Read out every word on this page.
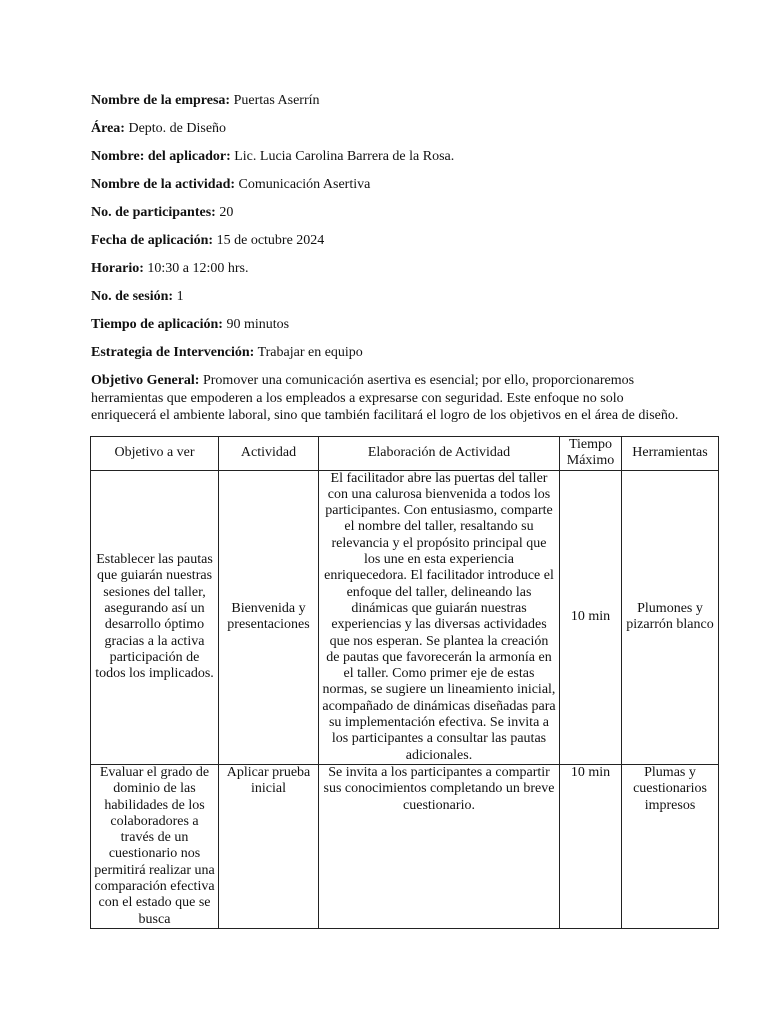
Nombre de la empresa: Puertas Aserrín
Área: Depto. de Diseño
Nombre: del aplicador: Lic. Lucia Carolina Barrera de la Rosa.
Nombre de la actividad: Comunicación Asertiva
No. de participantes: 20
Fecha de aplicación: 15 de octubre 2024
Horario: 10:30 a 12:00 hrs.
No. de sesión: 1
Tiempo de aplicación: 90 minutos
Estrategia de Intervención: Trabajar en equipo
Objetivo General: Promover una comunicación asertiva es esencial; por ello, proporcionaremos herramientas que empoderen a los empleados a expresarse con seguridad. Este enfoque no solo enriquecerá el ambiente laboral, sino que también facilitará el logro de los objetivos en el área de diseño.
Objetivo a ver	Actividad	Elaboración de Actividad	Tiempo Máximo	Herramientas
Establecer las pautas que guiarán nuestras sesiones del taller, asegurando así un desarrollo óptimo gracias a la activa participación de todos los implicados.	Bienvenida y presentaciones	El facilitador abre las puertas del taller con una calurosa bienvenida a todos los participantes. Con entusiasmo, comparte el nombre del taller, resaltando su relevancia y el propósito principal que los une en esta experiencia enriquecedora. El facilitador introduce el enfoque del taller, delineando las dinámicas que guiarán nuestras experiencias y las diversas actividades que nos esperan. Se plantea la creación de pautas que favorecerán la armonía en el taller. Como primer eje de estas normas, se sugiere un lineamiento inicial, acompañado de dinámicas diseñadas para su implementación efectiva. Se invita a los participantes a consultar las pautas adicionales.	10 min	Plumones y pizarrón blanco
Evaluar el grado de dominio de las habilidades de los colaboradores a través de un cuestionario nos permitirá realizar una comparación efectiva con el estado que se busca	Aplicar prueba inicial	Se invita a los participantes a compartir sus conocimientos completando un breve cuestionario.	10 min	Plumas y cuestionarios impresos
